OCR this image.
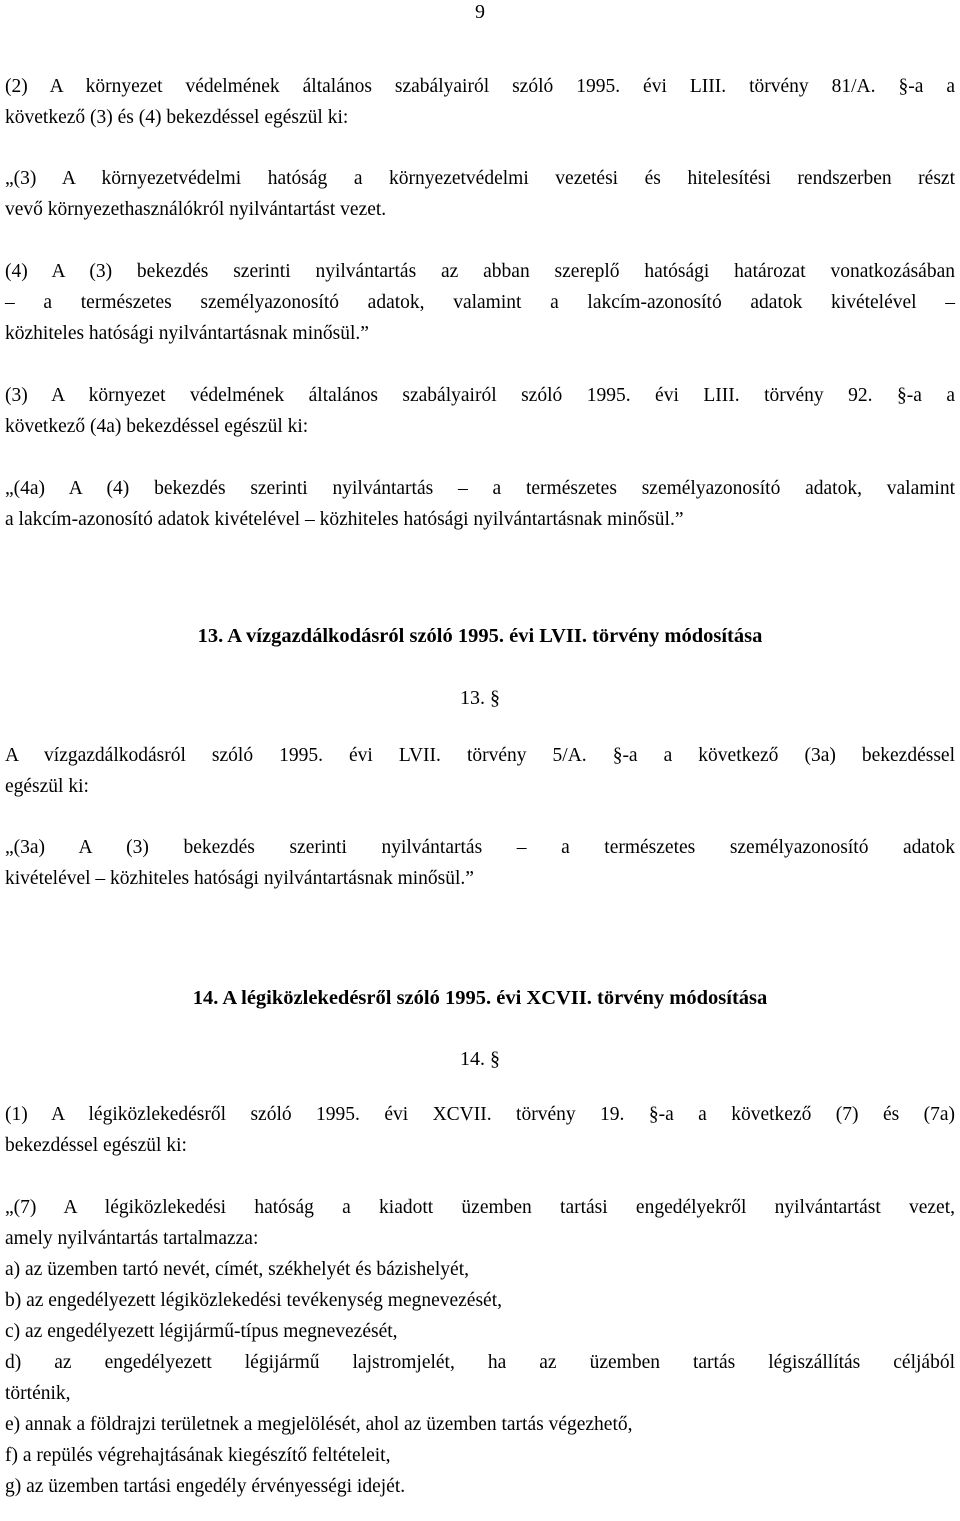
9
(2) A környezet védelmének általános szabályairól szóló 1995. évi LIII. törvény 81/A. §-a a
következő (3) és (4) bekezdéssel egészül ki:
„(3) A környezetvédelmi hatóság a környezetvédelmi vezetési és hitelesítési rendszerben részt
vevő környezethasználókról nyilvántartást vezet.
(4) A (3) bekezdés szerinti nyilvántartás az abban szereplő hatósági határozat vonatkozásában
– a természetes személyazonosító adatok, valamint a lakcím-azonosító adatok kivételével –
közhiteles hatósági nyilvántartásnak minősül.”
(3) A környezet védelmének általános szabályairól szóló 1995. évi LIII. törvény 92. §-a a
következő (4a) bekezdéssel egészül ki:
„(4a) A (4) bekezdés szerinti nyilvántartás – a természetes személyazonosító adatok, valamint
a lakcím-azonosító adatok kivételével – közhiteles hatósági nyilvántartásnak minősül.”
13. A vízgazdálkodásról szóló 1995. évi LVII. törvény módosítása
13. §
A vízgazdálkodásról szóló 1995. évi LVII. törvény 5/A. §-a a következő (3a) bekezdéssel
egészül ki:
„(3a) A (3) bekezdés szerinti nyilvántartás – a természetes személyazonosító adatok
kivételével – közhiteles hatósági nyilvántartásnak minősül.”
14. A légiközlekedésről szóló 1995. évi XCVII. törvény módosítása
14. §
(1) A légiközlekedésről szóló 1995. évi XCVII. törvény 19. §-a a következő (7) és (7a)
bekezdéssel egészül ki:
„(7) A légiközlekedési hatóság a kiadott üzemben tartási engedélyekről nyilvántartást vezet,
amely nyilvántartás tartalmazza:
a) az üzemben tartó nevét, címét, székhelyét és bázishelyét,
b) az engedélyezett légiközlekedési tevékenység megnevezését,
c) az engedélyezett légijármű-típus megnevezését,
d) az engedélyezett légijármű lajstromjelét, ha az üzemben tartás légiszállítás céljából
történik,
e) annak a földrajzi területnek a megjelölését, ahol az üzemben tartás végezhető,
f) a repülés végrehajtásának kiegészítő feltételeit,
g) az üzemben tartási engedély érvényességi idejét.
